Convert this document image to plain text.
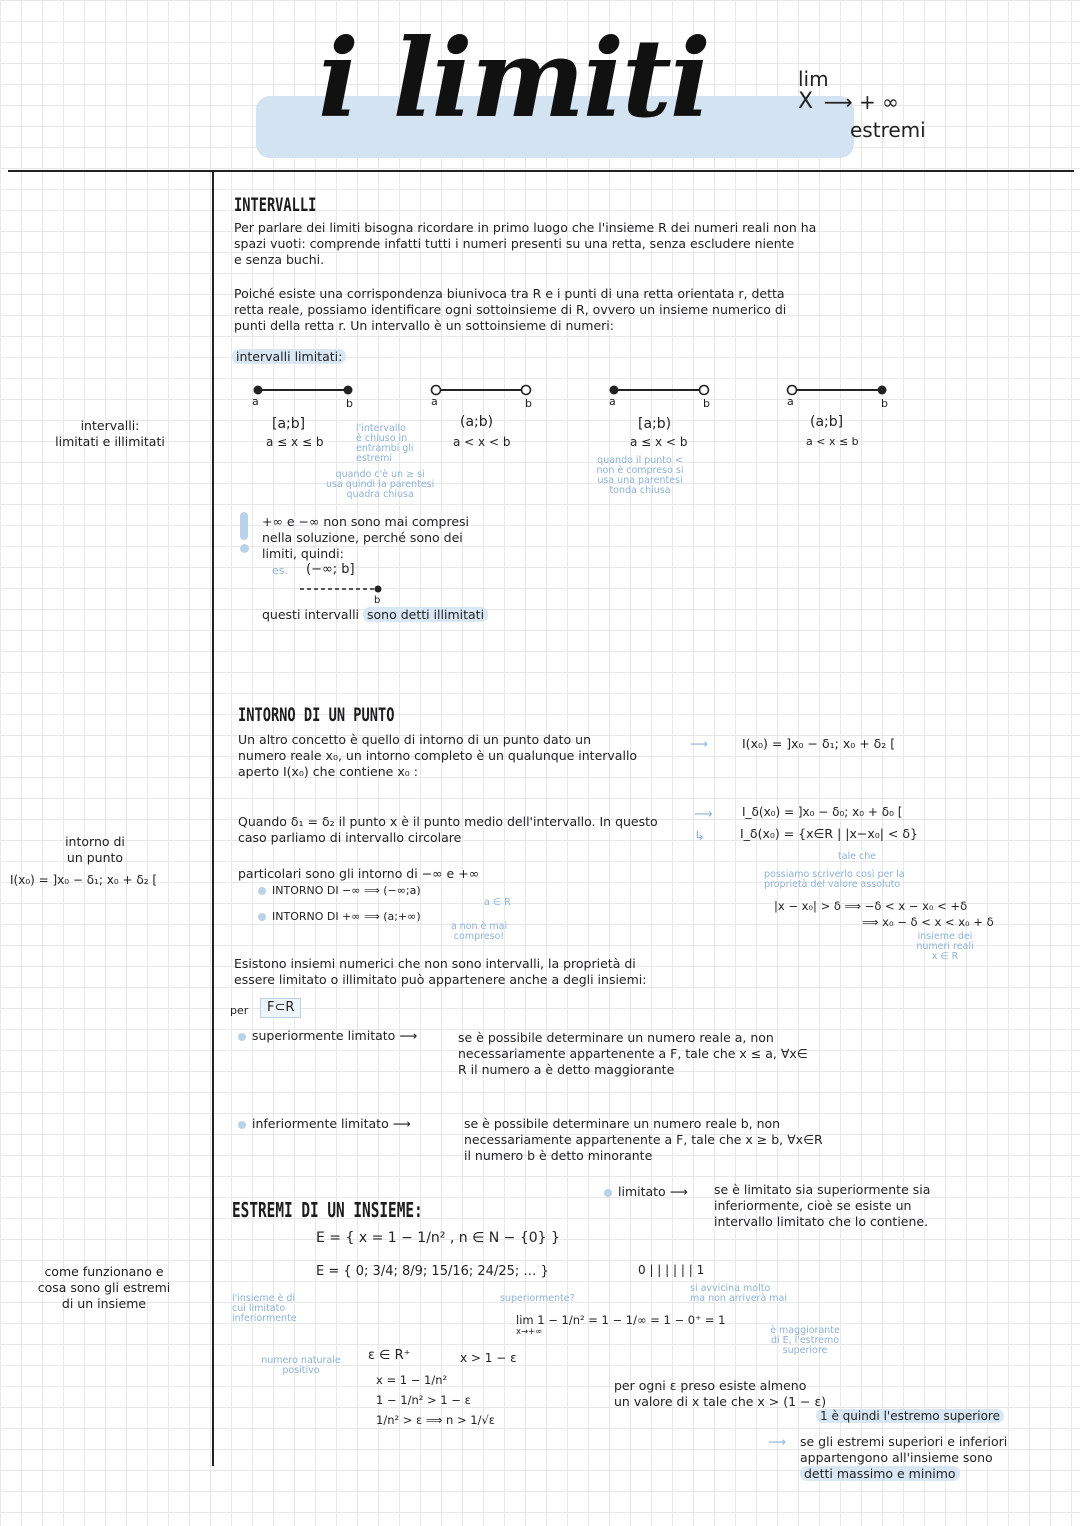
i limiti	lim
X ⟶ + ∞
estremi
intervalli:
limitati e illimitati
intorno di
un punto
I(x₀) = ]x₀ − δ₁; x₀ + δ₂ [
come funzionano e
cosa sono gli estremi
di un insieme
INTERVALLI
Per parlare dei limiti bisogna ricordare in primo luogo che l'insieme R dei numeri reali non ha
spazi vuoti: comprende infatti tutti i numeri presenti su una retta, senza escludere niente
e senza buchi.
Poiché esiste una corrispondenza biunivoca tra R e i punti di una retta orientata r, detta
retta reale, possiamo identificare ogni sottoinsieme di R, ovvero un insieme numerico di
punti della retta r. Un intervallo è un sottoinsieme di numeri:
intervalli limitati:
a	b	a	b	a	b	a	b
[a;b]
a ≤ x ≤ b
(a;b)
a < x < b
[a;b)
a ≤ x < b
(a;b]
a < x ≤ b
l'intervallo
è chiuso in
entrambi gli
estremi
quando c'è un ≥ si
usa quindi la parentesi
quadra chiusa
quando il punto <
non è compreso si
usa una parentesi
tonda chiusa
+∞ e −∞ non sono mai compresi
nella soluzione, perché sono dei
limiti, quindi:
es. (−∞; b]
b
questi intervalli sono detti illimitati
INTORNO DI UN PUNTO
Un altro concetto è quello di intorno di un punto dato un
numero reale x₀, un intorno completo è un qualunque intervallo
aperto I(x₀) che contiene x₀ :
⟶	I(x₀) = ]x₀ − δ₁; x₀ + δ₂ [
Quando δ₁ = δ₂ il punto x è il punto medio dell'intervallo. In questo
caso parliamo di intervallo circolare
⟶
↳
I_δ(x₀) = ]x₀ − δ₀; x₀ + δ₀ [
I_δ(x₀) = {x∈R | |x−x₀| < δ}
tale che
possiamo scriverlo così per la
proprietà del valore assoluto
|x − x₀| > δ ⟹ −δ < x − x₀ < +δ
⟹ x₀ − δ < x < x₀ + δ
insieme dei
numeri reali
x ∈ R
particolari sono gli intorno di −∞ e +∞
INTORNO DI −∞ ⟹ (−∞;a)
a ∈ R
INTORNO DI +∞ ⟹ (a;+∞)
a non è mai
compreso!
Esistono insiemi numerici che non sono intervalli, la proprietà di
essere limitato o illimitato può appartenere anche a degli insiemi:
per	F⊂R
superiormente limitato ⟶	se è possibile determinare un numero reale a, non
necessariamente appartenente a F, tale che x ≤ a, ∀x∈
R il numero a è detto maggiorante
inferiormente limitato ⟶	se è possibile determinare un numero reale b, non
necessariamente appartenente a F, tale che x ≥ b, ∀x∈R
il numero b è detto minorante
limitato ⟶ se è limitato sia superiormente sia
inferiormente, cioè se esiste un
intervallo limitato che lo contiene.
ESTREMI DI UN INSIEME:
E = { x = 1 − 1/n² , n ∈ N − {0} }
E = { 0; 3/4; 8/9; 15/16; 24/25; … }	0 | | | | | | 1
l'insieme è di
cui limitato
inferiormente
superiormente?
si avvicina molto
ma non arriverà mai
lim 1 − 1/n² = 1 − 1/∞ = 1 − 0⁺ = 1
x→+∞	è maggiorante
di E, l'estremo
superiore
numero naturale
positivo
ε ∈ R⁺	x > 1 − ε
x = 1 − 1/n²
1 − 1/n² > 1 − ε
1/n² > ε ⟹ n > 1/√ε
per ogni ε preso esiste almeno
un valore di x tale che x > (1 − ε)
1 è quindi l'estremo superiore
⟶ se gli estremi superiori e inferiori
appartengono all'insieme sono
detti massimo e minimo
